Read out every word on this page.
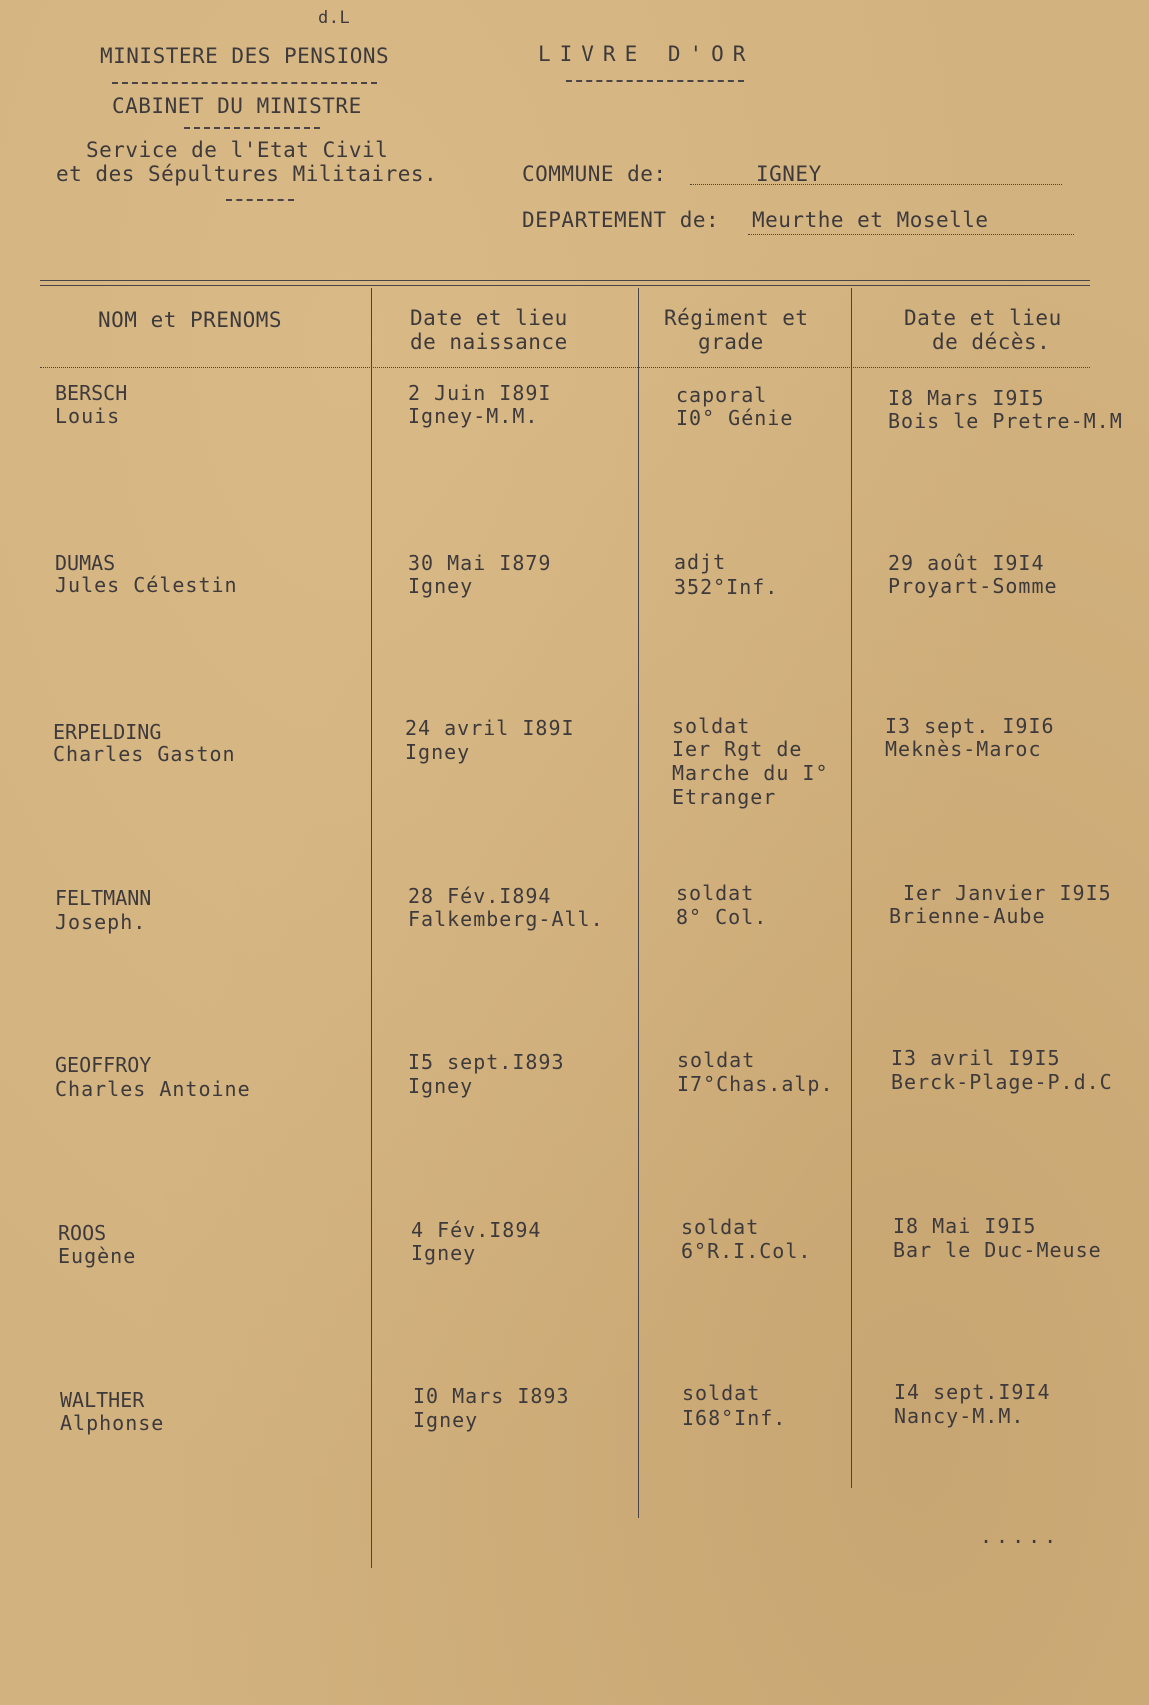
d.L
MINISTERE DES PENSIONS
CABINET DU MINISTRE
Service de l'Etat Civil
et des Sépultures Militaires.
LIVRE D'OR
COMMUNE de:	IGNEY
DEPARTEMENT de: Meurthe et Moselle
NOM et PRENOMS	Date et lieu
de naissance
Régiment et
grade
Date et lieu
de décès.
BERSCH
Louis
2 Juin I89I
Igney-M.M.
caporal
I0° Génie
I8 Mars I9I5
Bois le Pretre-M.M
DUMAS
Jules Célestin
30 Mai I879
Igney
adjt
352°Inf.
29 août I9I4
Proyart-Somme
ERPELDING
Charles Gaston
24 avril I89I
Igney
soldat
Ier Rgt de
Marche du I°
Etranger
I3 sept. I9I6
Meknès-Maroc
FELTMANN
Joseph.
28 Fév.I894
Falkemberg-All.
soldat
8° Col.
Ier Janvier I9I5
Brienne-Aube
GEOFFROY
Charles Antoine
I5 sept.I893
Igney
soldat
I7°Chas.alp.
I3 avril I9I5
Berck-Plage-P.d.C
ROOS
Eugène
4 Fév.I894
Igney
soldat
6°R.I.Col.
I8 Mai I9I5
Bar le Duc-Meuse
WALTHER
Alphonse
I0 Mars I893
Igney
soldat
I68°Inf.
I4 sept.I9I4
Nancy-M.M.
.....
